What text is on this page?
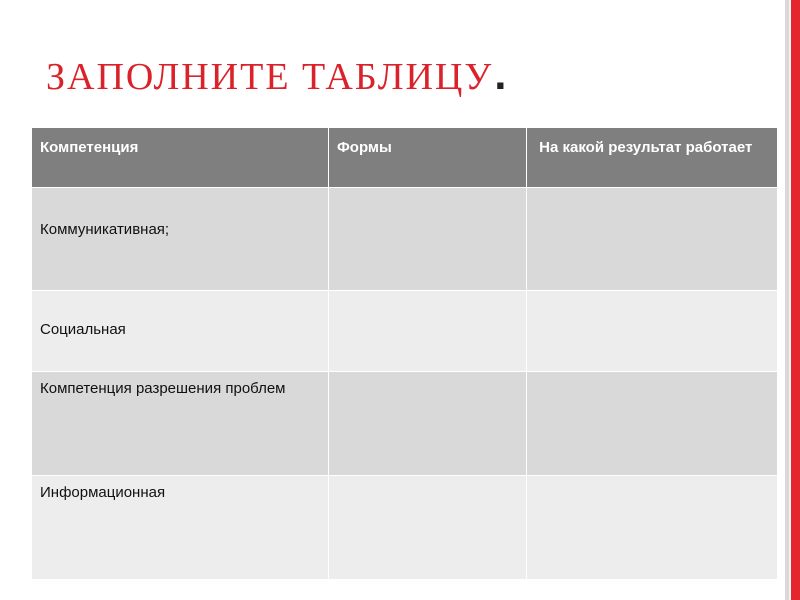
ЗАПОЛНИТЕ ТАБЛИЦУ.
Компетенция	Формы	На какой результат работает
Коммуникативная;		
Социальная		
Компетенция разрешения проблем		
Информационная		
